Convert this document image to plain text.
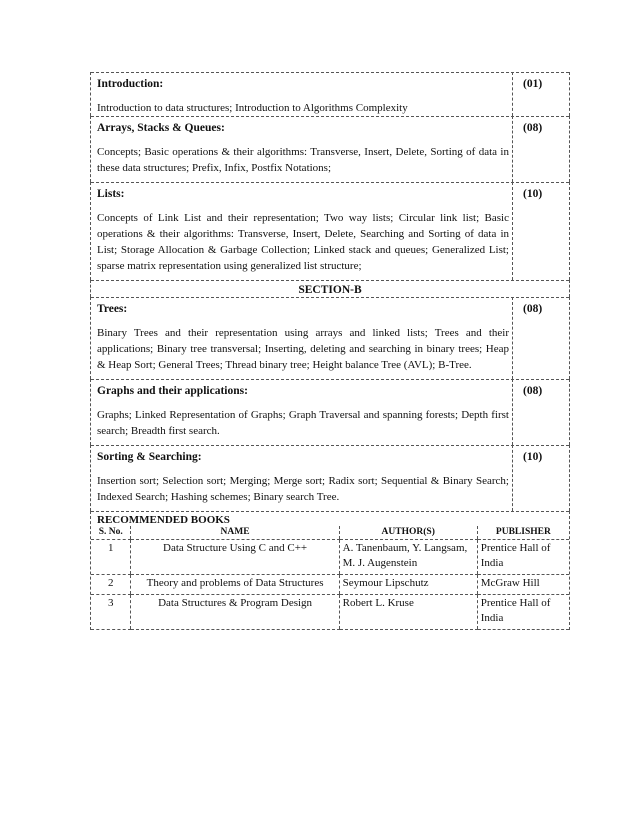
Introduction:	(01)
Introduction to data structures; Introduction to Algorithms Complexity
Arrays, Stacks & Queues:	(08)
Concepts; Basic operations & their algorithms: Transverse, Insert, Delete, Sorting of data in these data structures; Prefix, Infix, Postfix Notations;
Lists:	(10)
Concepts of Link List and their representation; Two way lists; Circular link list; Basic operations & their algorithms: Transverse, Insert, Delete, Searching and Sorting of data in List; Storage Allocation & Garbage Collection; Linked stack and queues; Generalized List; sparse matrix representation using generalized list structure;
SECTION-B
Trees:	(08)
Binary Trees and their representation using arrays and linked lists; Trees and their applications; Binary tree transversal; Inserting, deleting and searching in binary trees; Heap & Heap Sort; General Trees; Thread binary tree; Height balance Tree (AVL); B-Tree.
Graphs and their applications:	(08)
Graphs; Linked Representation of Graphs; Graph Traversal and spanning forests; Depth first search; Breadth first search.
Sorting & Searching:	(10)
Insertion sort; Selection sort; Merging; Merge sort; Radix sort; Sequential & Binary Search; Indexed Search; Hashing schemes; Binary search Tree.
RECOMMENDED BOOKS
S. No.	NAME	AUTHOR(S)	PUBLISHER
1	Data Structure Using C and C++	A. Tanenbaum, Y. Langsam, M. J. Augenstein	Prentice Hall of India
2	Theory and problems of Data Structures	Seymour Lipschutz	McGraw Hill
3	Data Structures & Program Design	Robert L. Kruse	Prentice Hall of India
